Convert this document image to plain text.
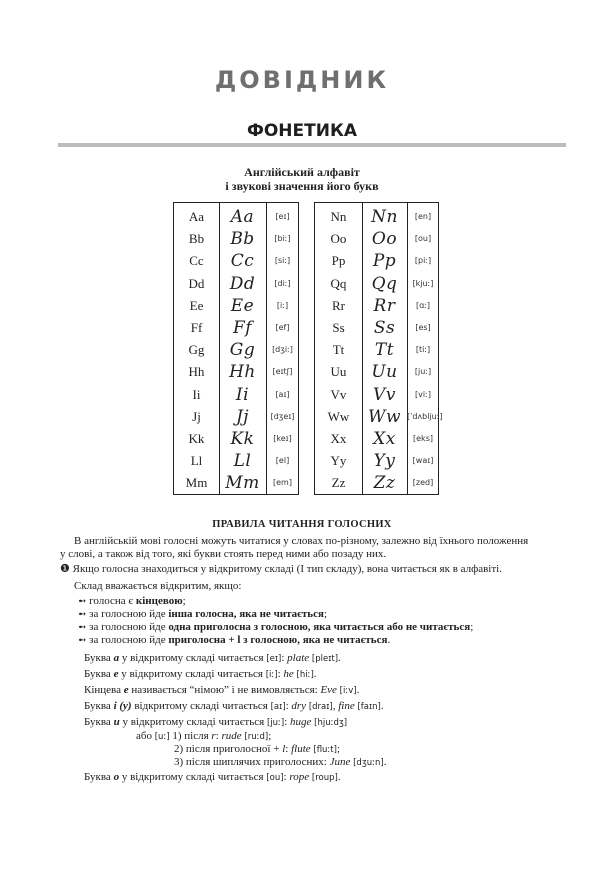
ДОВІДНИК
ФОНЕТИКА
Англійський алфавіт
і звукові значення його букв
Aa	Aa	[eɪ]
Bb	Bb	[biː]
Cc	Cc	[siː]
Dd	Dd	[diː]
Ee	Ee	[iː]
Ff	Ff	[ef]
Gg	Gg	[dʒiː]
Hh	Hh	[eɪtʃ]
Ii	Ii	[aɪ]
Jj	Jj	[dʒeɪ]
Kk	Kk	[keɪ]
Ll	Ll	[el]
Mm	Mm	[em]
Nn	Nn	[en]
Oo	Oo	[ou]
Pp	Pp	[piː]
Qq	Qq	[kjuː]
Rr	Rr	[ɑː]
Ss	Ss	[es]
Tt	Tt	[tiː]
Uu	Uu	[juː]
Vv	Vv	[viː]
Ww	Ww [ˈdʌbljuː]
Xx	Xx	[eks]
Yy	Yy	[waɪ]
Zz	Zz	[zed]
ПРАВИЛА ЧИТАННЯ ГОЛОСНИХ
В англійській мові голосні можуть читатися у словах по-різному, залежно від їхнього положення
у слові, а також від того, які букви стоять перед ними або позаду них.
❶ Якщо голосна знаходиться у відкритому складі (І тип складу), вона читається як в алфавіті.
Склад вважається відкритим, якщо:
➻ голосна є кінцевою;
➻ за голосною йде інша голосна, яка не читається;
➻ за голосною йде одна приголосна з голосною, яка читається або не читається;
➻ за голосною йде приголосна + l з голосною, яка не читається.
Буква a у відкритому складі читається [eɪ]: plate [pleɪt].
Буква e у відкритому складі читається [iː]: he [hiː].
Кінцева e називається “німою” і не вимовляється: Eve [iːv].
Буква i (y) відкритому складі читається [aɪ]: dry [draɪ], fine [faɪn].
Буква u у відкритому складі читається [juː]: huge [hjuːdʒ]
або [uː] 1) після r: rude [ruːd];
2) після приголосної + l: flute [fluːt];
3) після шиплячих приголосних: June [dʒuːn].
Буква o у відкритому складі читається [ou]: rope [roup].
